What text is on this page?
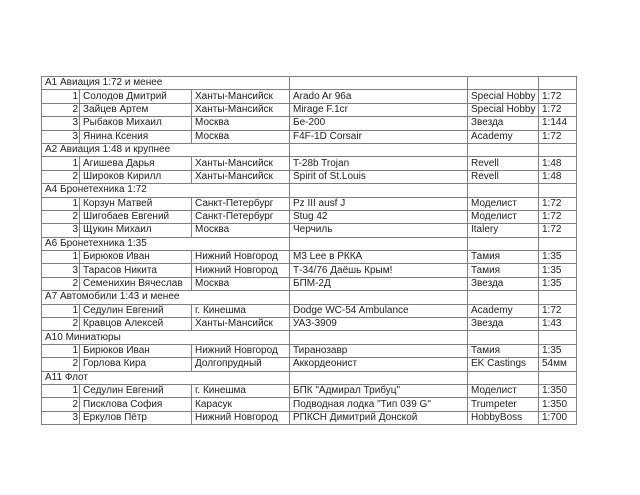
А1 Авиация 1:72 и менее					
1	Солодов Дмитрий	Ханты-Мансийск	Arado Ar 96a	Special Hobby	1:72
2	Зайцев Артем	Ханты-Мансийск	Mirage F.1cr	Special Hobby	1:72
3	Рыбаков Михаил	Москва	Бе-200	Звезда	1:144
3	Янина Ксения	Москва	F4F-1D Corsair	Academy	1:72
А2 Авиация 1:48 и крупнее					
1	Агишева Дарья	Ханты-Мансийск	T-28b Trojan	Revell	1:48
2	Широков Кирилл	Ханты-Мансийск	Spirit of St.Louis	Revell	1:48
А4 Бронетехника 1:72					
1	Корзун Матвей	Санкт-Петербург	Pz III ausf J	Моделист	1:72
2	Шигобаев Евгений	Санкт-Петербург	Stug 42	Моделист	1:72
3	Щукин Михаил	Москва	Черчиль	Italery	1:72
А6 Бронетехника 1:35					
1	Бирюков Иван	Нижний Новгород	M3 Lee в РККА	Тамия	1:35
3	Тарасов Никита	Нижний Новгород	Т-34/76 Даёшь Крым!	Тамия	1:35
2	Семенихин Вячеслав	Москва	БПМ-2Д	Звезда	1:35
А7 Автомобили 1:43 и менее					
1	Седулин Евгений	г. Кинешма	Dodge WC-54 Ambulance	Academy	1:72
2	Кравцов Алексей	Ханты-Мансийск	УАЗ-3909	Звезда	1:43
А10 Миниатюры					
1	Бирюков Иван	Нижний Новгород	Тиранозавр	Тамия	1:35
2	Горлова Кира	Долгопрудный	Аккордеонист	EK Castings	54мм
А11 Флот					
1	Седулин Евгений	г. Кинешма	БПК "Адмирал Трибуц"	Моделист	1:350
2	Писклова София	Карасук	Подводная лодка "Тип 039 G"	Trumpeter	1:350
3	Еркулов Пётр	Нижний Новгород	РПКСН Димитрий Донской	HobbyBoss	1:700
